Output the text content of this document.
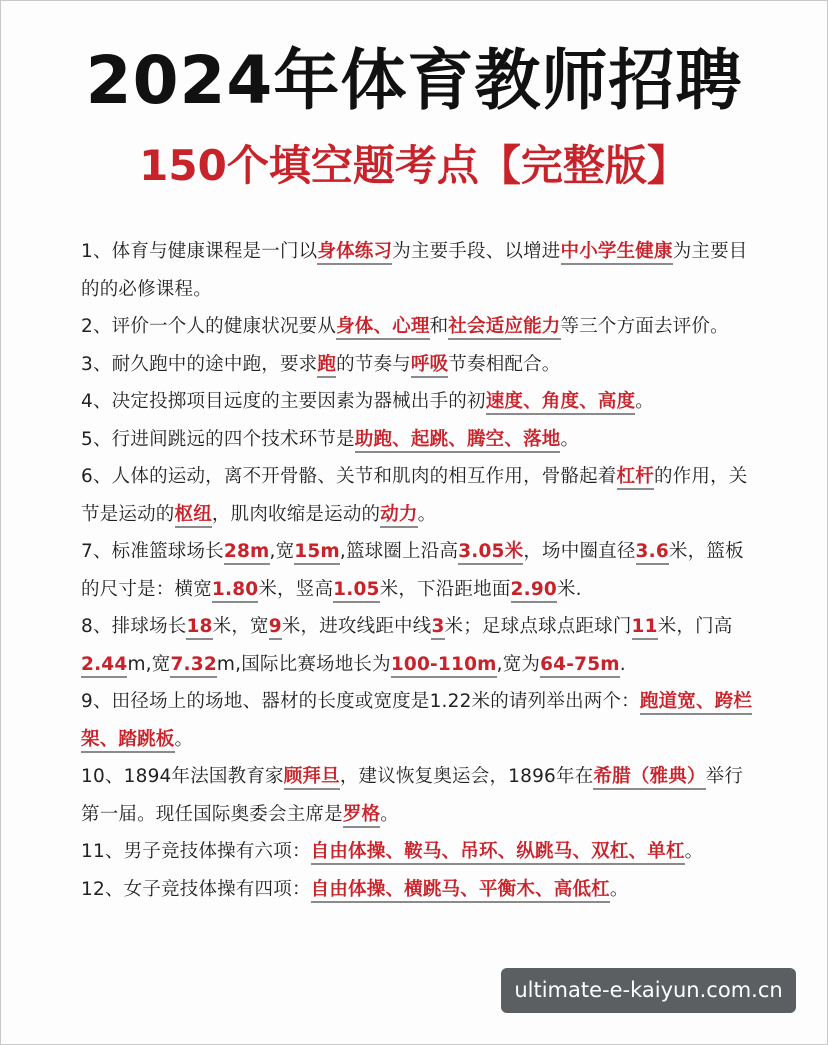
2024年体育教师招聘
150个填空题考点【完整版】

1、体育与健康课程是一门以身体练习为主要手段、以增进中小学生健康为主要目的的必修课程。

2、评价一个人的健康状况要从身体、心理和社会适应能力等三个方面去评价。

3、耐久跑中的途中跑，要求跑的节奏与呼吸节奏相配合。

4、决定投掷项目远度的主要因素为器械出手的初速度、角度、高度。

5、行进间跳远的四个技术环节是助跑、起跳、腾空、落地。

6、人体的运动，离不开骨骼、关节和肌肉的相互作用，骨骼起着杠杆的作用，关节是运动的枢纽，肌肉收缩是运动的动力。

7、标准篮球场长28m,宽15m,篮球圈上沿高3.05米，场中圈直径3.6米，篮板的尺寸是：横宽1.80米，竖高1.05米，下沿距地面2.90米.

8、排球场长18米，宽9米，进攻线距中线3米；足球点球点距球门11米，门高2.44m,宽7.32m,国际比赛场地长为100-110m,宽为64-75m.

9、田径场上的场地、器材的长度或宽度是1.22米的请列举出两个：跑道宽、跨栏架、踏跳板。

10、1894年法国教育家顾拜旦，建议恢复奥运会，1896年在希腊（雅典）举行第一届。现任国际奥委会主席是罗格。

11、男子竞技体操有六项：自由体操、鞍马、吊环、纵跳马、双杠、单杠。

12、女子竞技体操有四项：自由体操、横跳马、平衡木、高低杠。

ultimate-e-kaiyun.com.cn
